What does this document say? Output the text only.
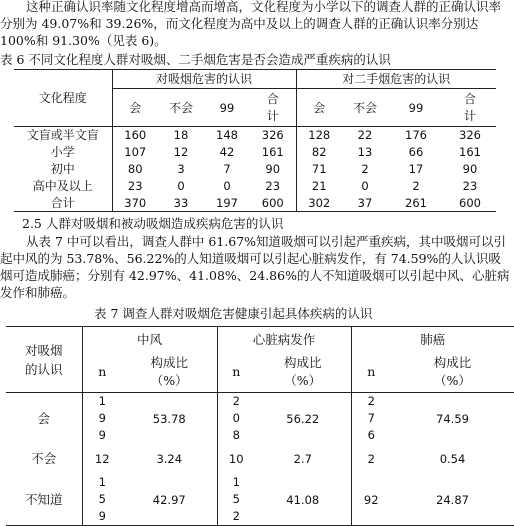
这种正确认识率随文化程度增高而增高，文化程度为小学以下的调查人群的正确认识率分别为 49.07%和 39.26%，而文化程度为高中及以上的调查人群的正确认识率分别达 100%和 91.30%（见表 6)。

表 6 不同文化程度人群对吸烟、二手烟危害是否会造成严重疾病的认识
文化程度	对吸烟危害的认识				对二手烟危害的认识			
	会	不会	99	合计	会	不会	99	合计
文盲或半文盲	160	18	148	326	128	22	176	326
小学	107	12	42	161	82	13	66	161
初中	80	3	7	90	71	2	17	90
高中及以上	23	0	0	23	21	0	2	23
合计	370	33	197	600	302	37	261	600
2.5 人群对吸烟和被动吸烟造成疾病危害的认识

从表 7 中可以看出，调查人群中 61.67%知道吸烟可以引起严重疾病，其中吸烟可以引起中风的为 53.78%、56.22%的人知道吸烟可以引起心脏病发作，有 74.59%的人认识吸烟可造成肺癌；分别有 42.97%、41.08%、24.86%的人不知道吸烟可以引起中风、心脏病发作和肺癌。

表 7 调查人群对吸烟危害健康引起具体疾病的认识
对吸烟的认识	中风		心脏病发作		肺癌	
	n	构成比（%）	n	构成比（%）	n	构成比（%）
会	199	53.78	208	56.22	276	74.59
不会	12	3.24	10	2.7	2	0.54
不知道	159	42.97	152	41.08	92	24.87
